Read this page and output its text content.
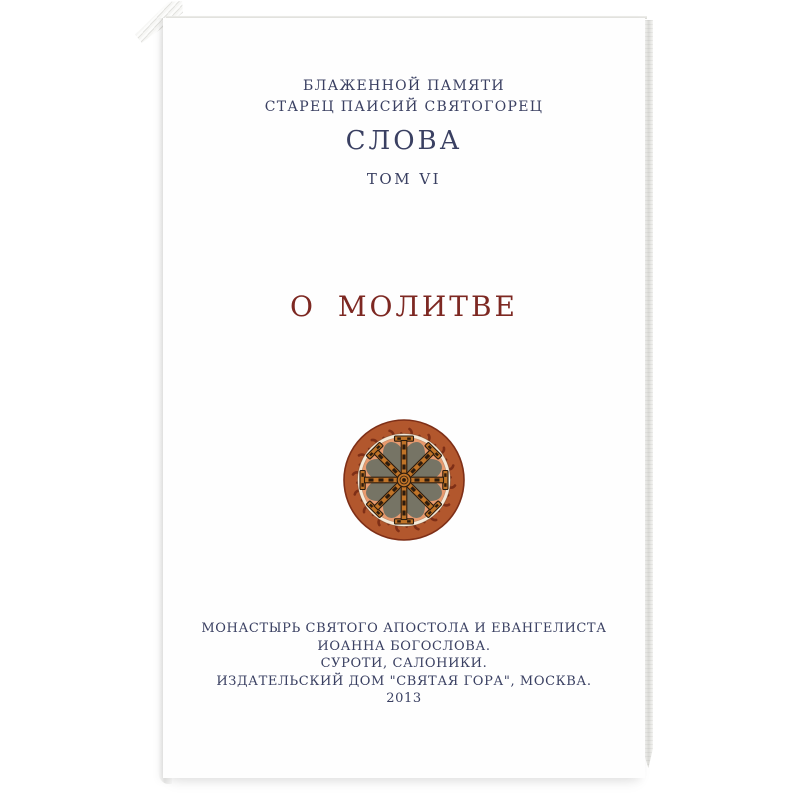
БЛАЖЕННОЙ ПАМЯТИ
СТАРЕЦ ПАИСИЙ СВЯТОГОРЕЦ
СЛОВА
ТОМ VI
О МОЛИТВЕ
МОНАСТЫРЬ СВЯТОГО АПОСТОЛА И ЕВАНГЕЛИСТА
ИОАННА БОГОСЛОВА.
СУРОТИ, САЛОНИКИ.
ИЗДАТЕЛЬСКИЙ ДОМ "СВЯТАЯ ГОРА", МОСКВА.
2013
